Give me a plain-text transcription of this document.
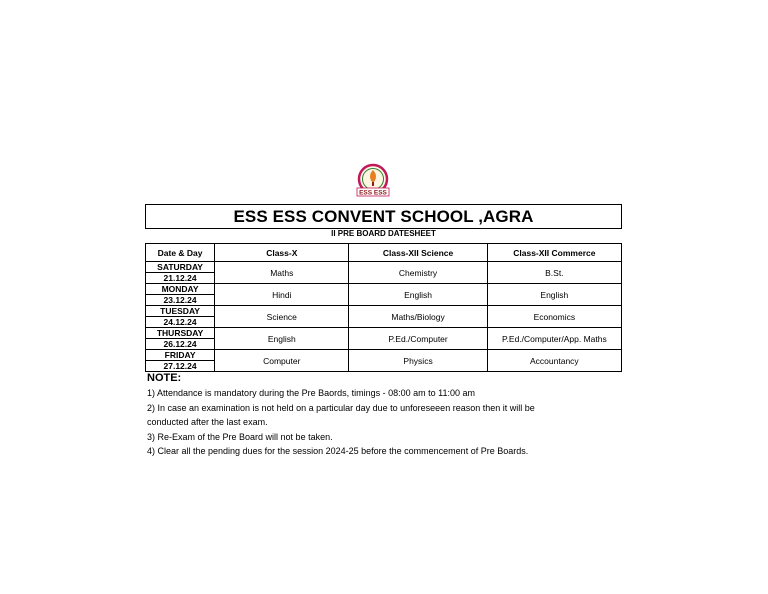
ESS ESS
ESS ESS CONVENT SCHOOL ,AGRA
II PRE BOARD DATESHEET
Date & Day	Class-X	Class-XII Science	Class-XII Commerce

SATURDAY
21.12.24	Maths	Chemistry	B.St.

MONDAY
23.12.24	Hindi	English	English

TUESDAY
24.12.24	Science	Maths/Biology	Economics

THURSDAY
26.12.24	English	P.Ed./Computer	P.Ed./Computer/App. Maths

FRIDAY
27.12.24	Computer	Physics	Accountancy
NOTE:
1) Attendance is mandatory during the Pre Baords, timings - 08:00 am to 11:00 am
2) In case an examination is not held on a particular day due to unforeseeen reason then it will be
conducted after the last exam.
3) Re-Exam of the Pre Board will not be taken.
4) Clear all the pending dues for the session 2024-25 before the commencement of Pre Boards.
